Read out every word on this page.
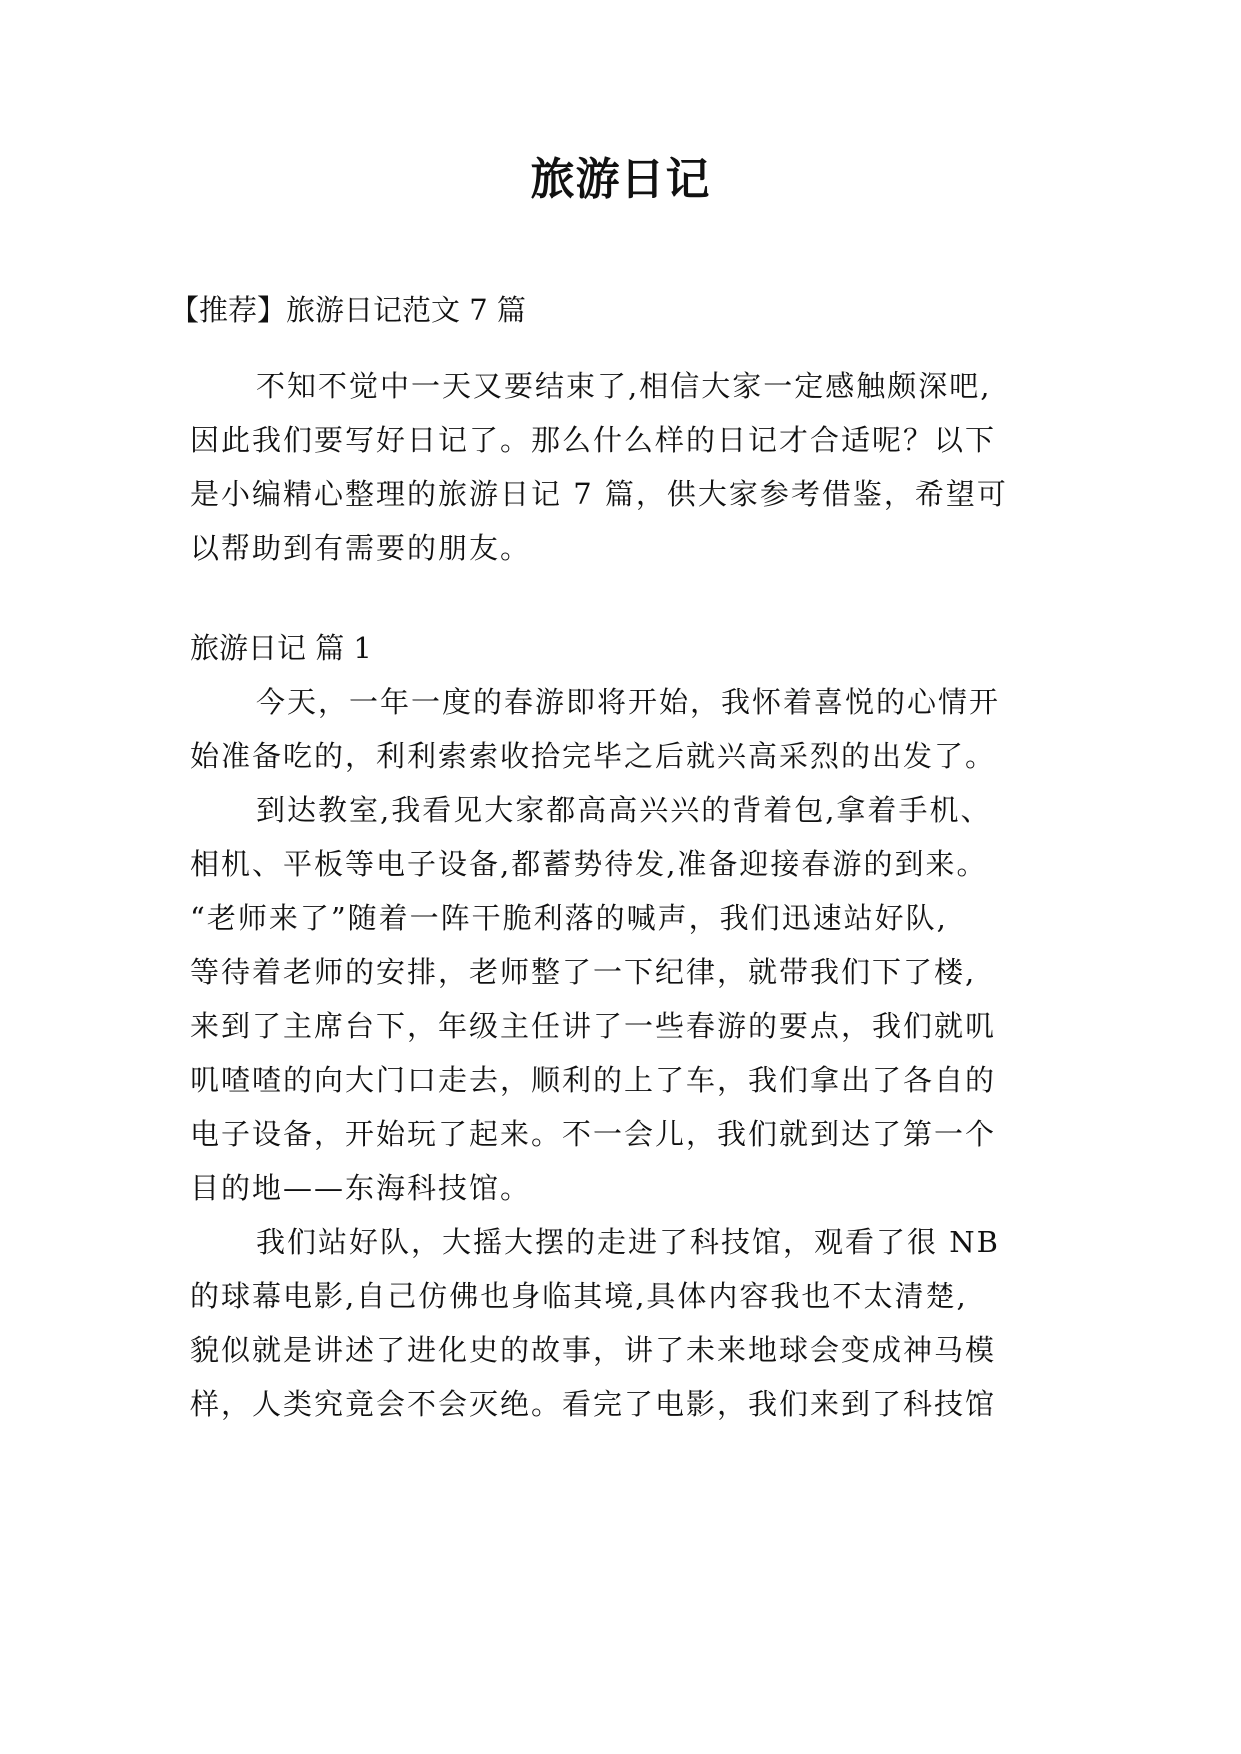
旅游日记
【推荐】旅游日记范文 7 篇
不知不觉中一天又要结束了,相信大家一定感触颇深吧,
因此我们要写好日记了。那么什么样的日记才合适呢？以下
是小编精心整理的旅游日记 7 篇，供大家参考借鉴，希望可
以帮助到有需要的朋友。
旅游日记 篇 1
今天，一年一度的春游即将开始，我怀着喜悦的心情开
始准备吃的，利利索索收拾完毕之后就兴高采烈的出发了。
到达教室,我看见大家都高高兴兴的背着包,拿着手机、
相机、平板等电子设备,都蓄势待发,准备迎接春游的到来。
“老师来了”随着一阵干脆利落的喊声，我们迅速站好队,
等待着老师的安排，老师整了一下纪律，就带我们下了楼,
来到了主席台下，年级主任讲了一些春游的要点，我们就叽
叽喳喳的向大门口走去，顺利的上了车，我们拿出了各自的
电子设备，开始玩了起来。不一会儿，我们就到达了第一个
目的地——东海科技馆。
我们站好队，大摇大摆的走进了科技馆，观看了很 NB
的球幕电影,自己仿佛也身临其境,具体内容我也不太清楚,
貌似就是讲述了进化史的故事，讲了未来地球会变成神马模
样，人类究竟会不会灭绝。看完了电影，我们来到了科技馆
